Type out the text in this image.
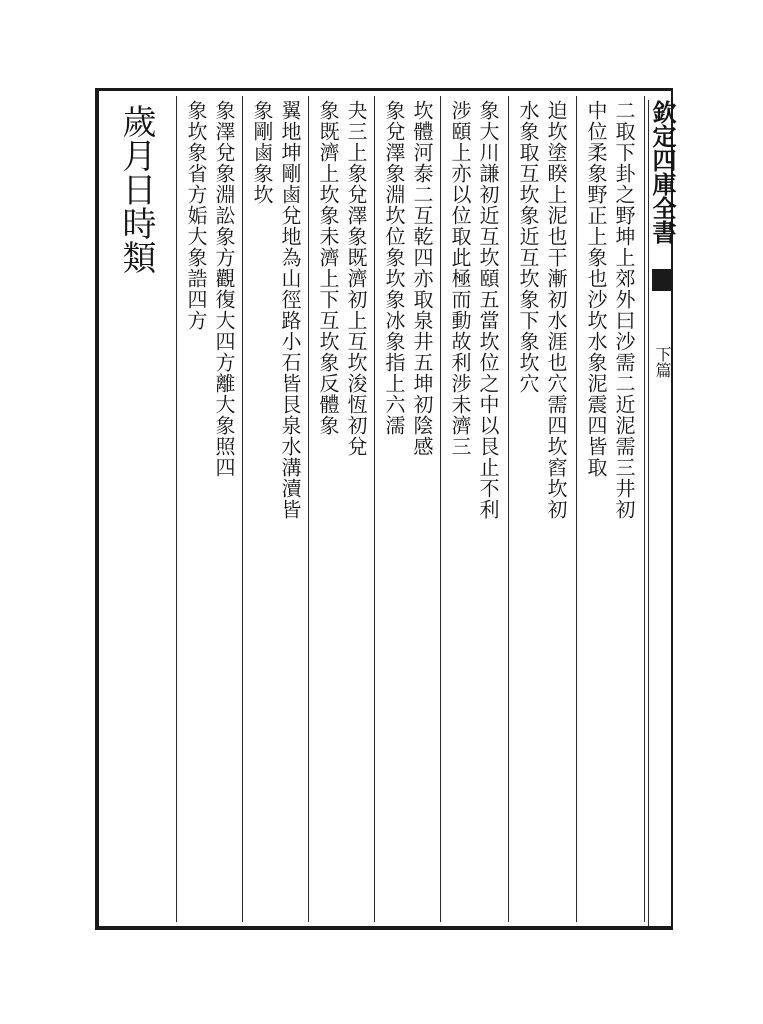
欽定四庫全書  下篇
二取下卦之野坤上郊外曰沙需二近泥需三井初
中位柔象野正上象也沙坎水象泥震四皆取
迫坎塗睽上泥也干漸初水涯也穴需四坎窞坎初
水象取互坎象近互坎象下象坎穴
象大川謙初近互坎頤五當坎位之中以艮止不利
涉頤上亦以位取此極而動故利涉未濟三
坎體河泰二互乾四亦取泉井五坤初陰感
象兌澤象淵坎位象坎象冰象指上六濡
夬三上象兌澤象既濟初上互坎浚恆初兌
象既濟上坎象未濟上下互坎象反體象
翼地坤剛鹵兌地為山徑路小石皆艮泉水溝瀆皆
象剛鹵象坎
象澤兌象淵訟象方觀復大四方離大象照四
象坎象省方姤大象誥四方
歲月日時類
